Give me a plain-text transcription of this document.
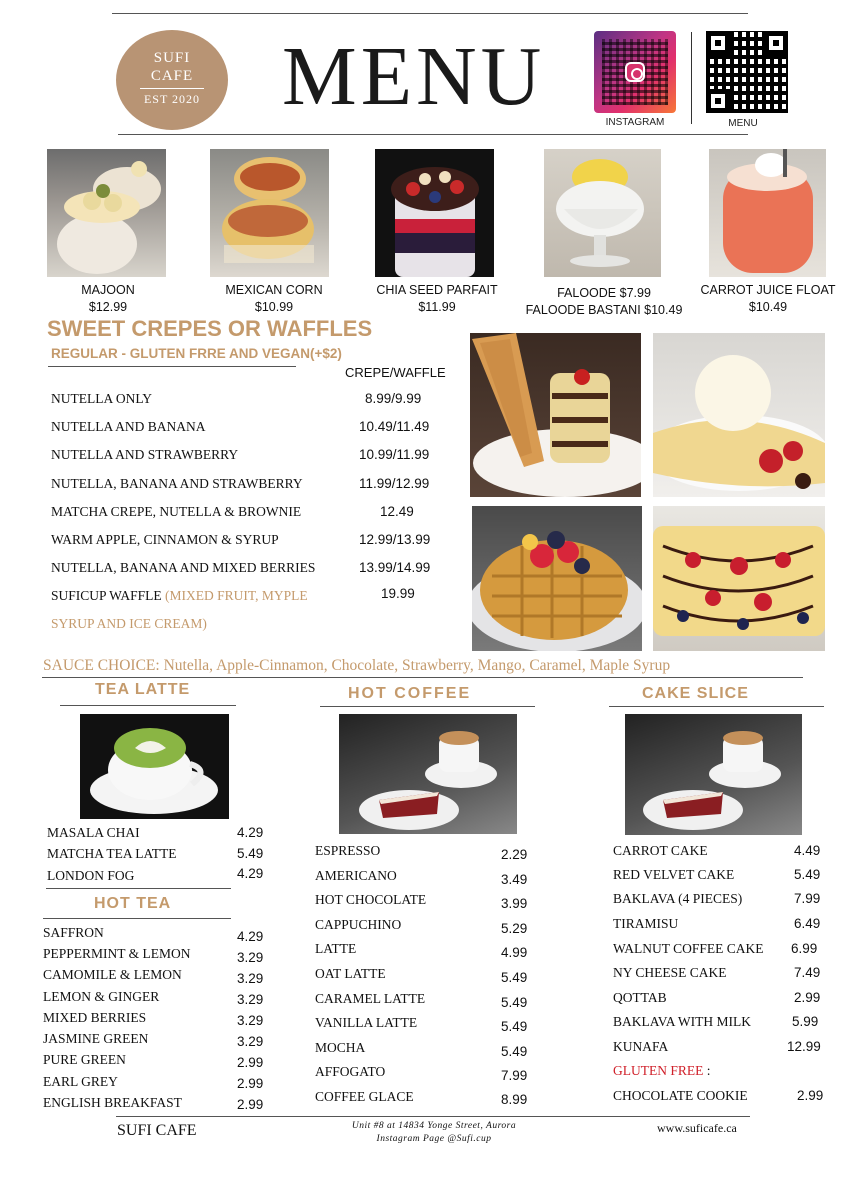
SUFI
CAFE
EST 2020 MENU	INSTAGRAM	MENU
MAJOON
$12.99
MEXICAN CORN
$10.99
CHIA SEED PARFAIT
$11.99
FALOODE $7.99
FALOODE BASTANI $10.49
CARROT JUICE FLOAT
$10.49
SWEET CREPES OR WAFFLES
REGULAR - GLUTEN FRRE AND VEGAN(+$2)
CREPE/WAFFLE
NUTELLA ONLY	8.99/9.99
NUTELLA AND BANANA	10.49/11.49
NUTELLA AND STRAWBERRY	10.99/11.99
NUTELLA, BANANA AND STRAWBERRY	11.99/12.99
MATCHA CREPE, NUTELLA & BROWNIE	12.49
WARM APPLE, CINNAMON & SYRUP	12.99/13.99
NUTELLA, BANANA AND MIXED BERRIES	13.99/14.99
SUFICUP WAFFLE (MIXED FRUIT, MYPLE
SYRUP AND ICE CREAM)
19.99
SAUCE CHOICE: Nutella, Apple-Cinnamon, Chocolate, Strawberry, Mango, Caramel, Maple Syrup
TEA LATTE
MASALA CHAI	4.29
MATCHA TEA LATTE	5.49
LONDON FOG	4.29
HOT TEA
SAFFRON	4.29
PEPPERMINT & LEMON	3.29
CAMOMILE & LEMON	3.29
LEMON & GINGER	3.29
MIXED BERRIES	3.29
JASMINE GREEN	3.29
PURE GREEN	2.99
EARL GREY	2.99
ENGLISH BREAKFAST	2.99
HOT COFFEE
ESPRESSO	2.29
AMERICANO	3.49
HOT CHOCOLATE	3.99
CAPPUCHINO	5.29
LATTE	4.99
OAT LATTE	5.49
CARAMEL LATTE	5.49
VANILLA LATTE	5.49
MOCHA	5.49
AFFOGATO	7.99
COFFEE GLACE	8.99
CAKE SLICE
CARROT CAKE	4.49
RED VELVET CAKE	5.49
BAKLAVA (4 PIECES)	7.99
TIRAMISU	6.49
WALNUT COFFEE CAKE 6.99
NY CHEESE CAKE	7.49
QOTTAB	2.99
BAKLAVA WITH MILK	5.99
KUNAFA	12.99
GLUTEN FREE :
CHOCOLATE COOKIE	2.99
SUFI CAFE	Unit #8 at 14834 Yonge Street, Aurora
Instagram Page @Sufi.cup
www.suficafe.ca
